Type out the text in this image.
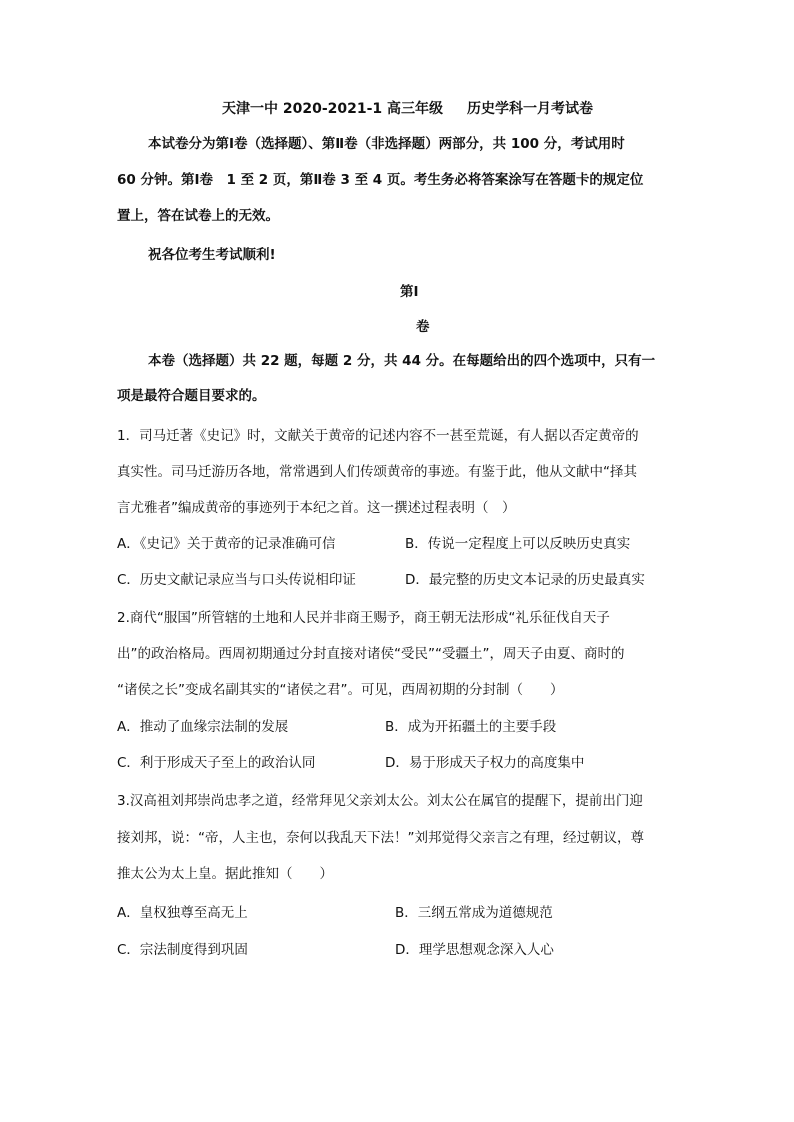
天津一中 2020-2021-1 高三年级 历史学科一月考试卷
本试卷分为第Ⅰ卷（选择题）、第Ⅱ卷（非选择题）两部分，共 100 分，考试用时
60 分钟。第Ⅰ卷　1 至 2 页，第Ⅱ卷 3 至 4 页。考生务必将答案涂写在答题卡的规定位
置上，答在试卷上的无效。
祝各位考生考试顺利!
第Ⅰ
卷
本卷（选择题）共 22 题，每题 2 分，共 44 分。在每题给出的四个选项中，只有一
项是最符合题目要求的。
1．司马迁著《史记》时，文献关于黄帝的记述内容不一甚至荒诞，有人据以否定黄帝的
真实性。司马迁游历各地，常常遇到人们传颂黄帝的事迹。有鉴于此，他从文献中“择其
言尤雅者”编成黄帝的事迹列于本纪之首。这一撰述过程表明（　）
A．《史记》关于黄帝的记录准确可信	B．传说一定程度上可以反映历史真实
C．历史文献记录应当与口头传说相印证	D．最完整的历史文本记录的历史最真实
2.商代“服国”所管辖的土地和人民并非商王赐予，商王朝无法形成“礼乐征伐自天子
出”的政治格局。西周初期通过分封直接对诸侯“受民”“受疆土”，周天子由夏、商时的
“诸侯之长”变成名副其实的“诸侯之君”。可见，西周初期的分封制（　　）
A．推动了血缘宗法制的发展	B．成为开拓疆土的主要手段
C．利于形成天子至上的政治认同	D．易于形成天子权力的高度集中
3.汉高祖刘邦崇尚忠孝之道，经常拜见父亲刘太公。刘太公在属官的提醒下，提前出门迎
接刘邦，说：“帝，人主也，奈何以我乱天下法！”刘邦觉得父亲言之有理，经过朝议，尊
推太公为太上皇。据此推知（　　）
A．皇权独尊至高无上	B．三纲五常成为道德规范
C．宗法制度得到巩固	D．理学思想观念深入人心
